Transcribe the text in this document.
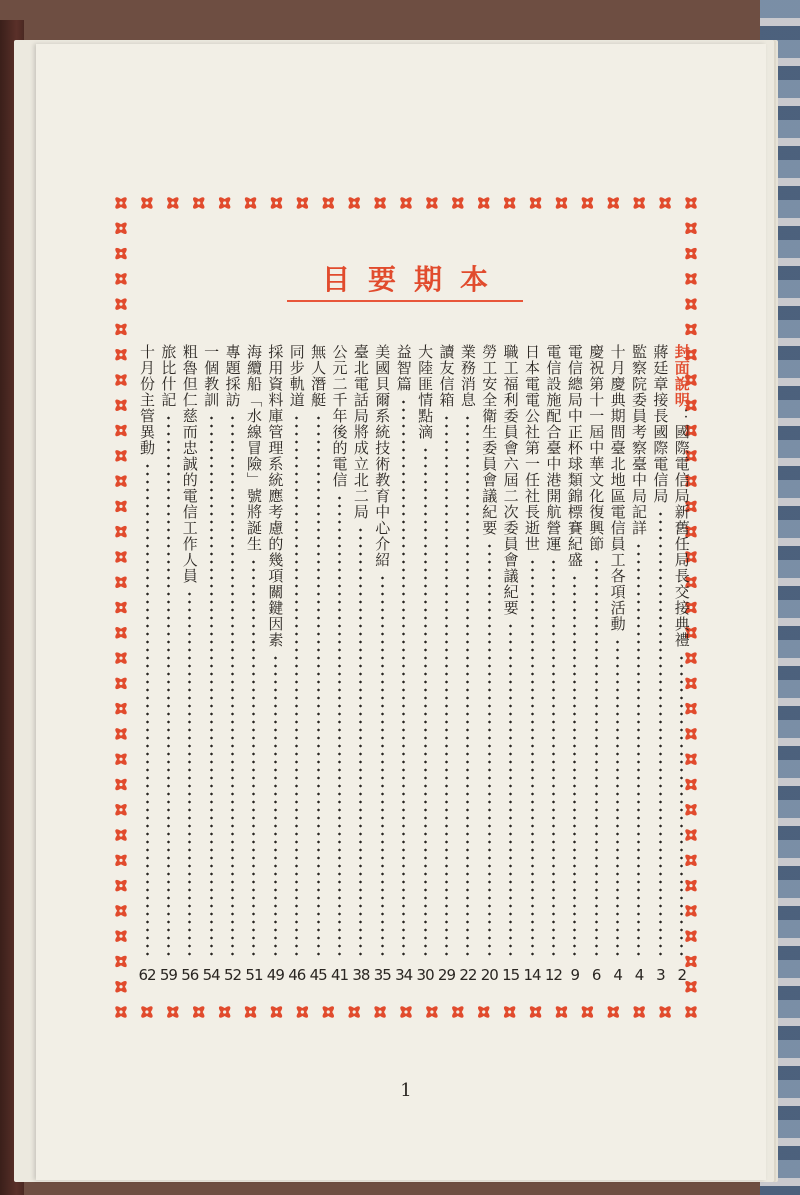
目要期本
封面說明：國際電信局新舊任局長交接典禮
2
蔣廷章接長國際電信局
3
監察院委員考察臺中局記詳
4
十月慶典期間臺北地區電信員工各項活動
4
慶祝第十一屆中華文化復興節
6
電信總局中正杯球類錦標賽紀盛
9
電信設施配合臺中港開航營運
12
日本電電公社第一任社長逝世
14
職工福利委員會六屆二次委員會議紀要
15
勞工安全衛生委員會議紀要
20
業務消息
22
讀友信箱
29
大陸匪情點滴
30
益智篇
34
美國貝爾系統技術教育中心介紹
35
臺北電話局將成立北二局
38
公元二千年後的電信
41
無人潛艇
45
同步軌道
46
採用資料庫管理系統應考慮的幾項關鍵因素
49
海纜船「水線冒險」號將誕生
51
專題採訪
52
一個教訓
54
粗魯但仁慈而忠誠的電信工作人員
56
旅比什記
59
十月份主管異動
62
1
